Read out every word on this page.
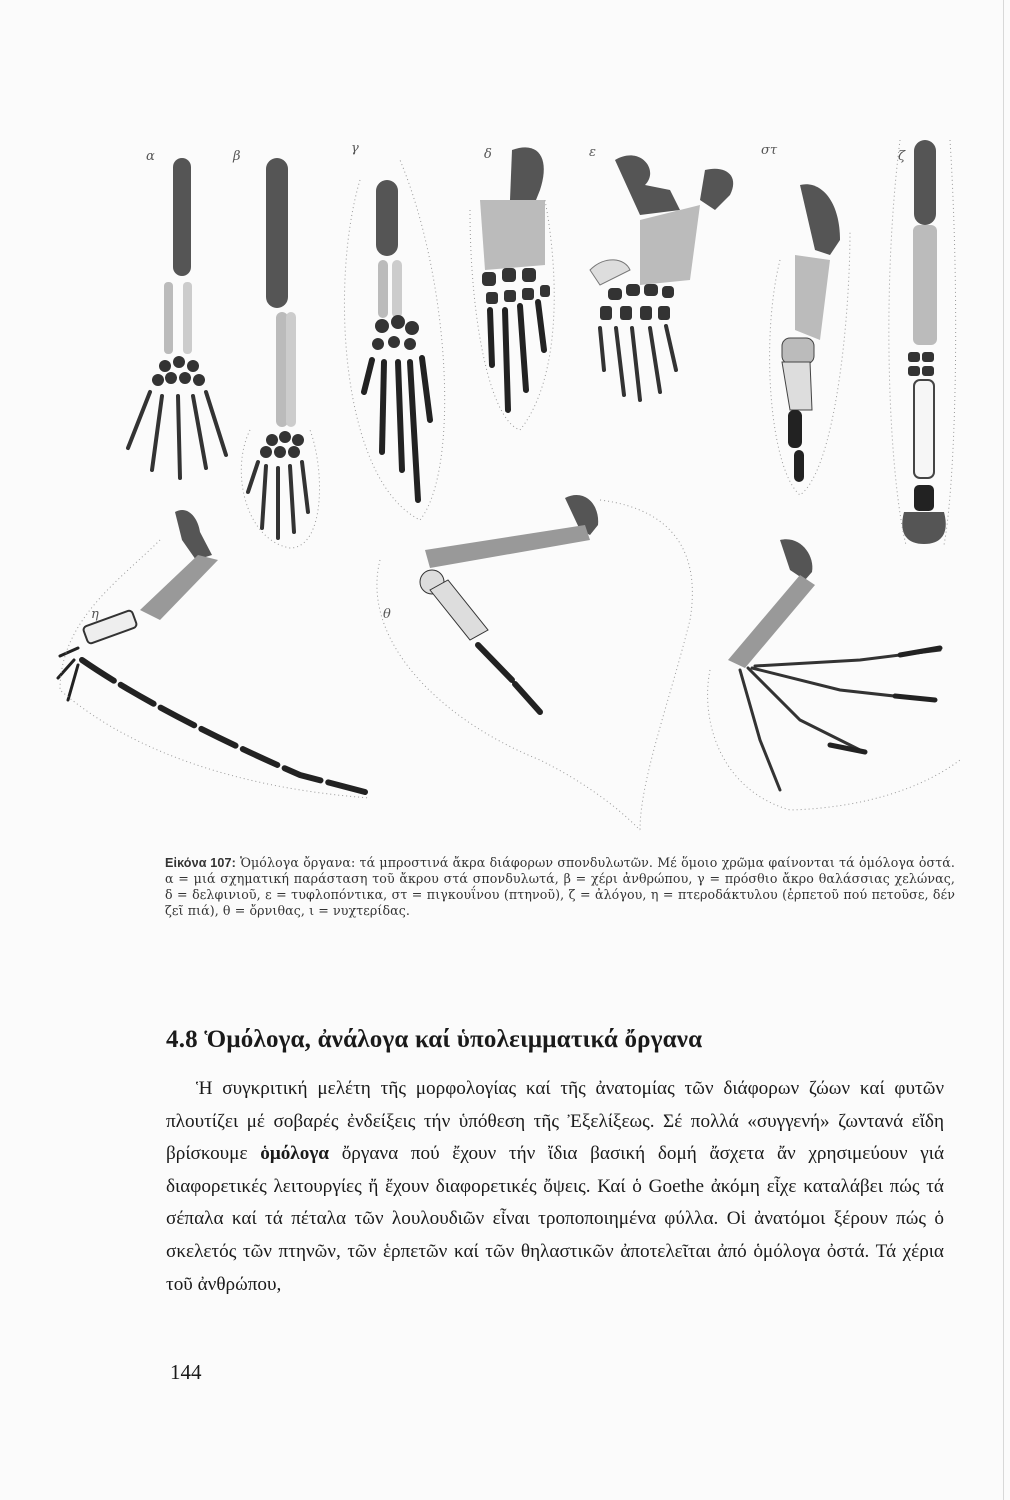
α	β
γ	δ	ε	στ	ζ
η	θ
Εἰκόνα 107: Ὁμόλογα ὄργανα: τά μπροστινά ἄκρα διάφορων σπονδυλωτῶν. Μέ ὅμοιο χρῶμα φαίνονται τά ὁμόλογα ὀστά. α = μιά σχηματική παράσταση τοῦ ἄκρου στά σπονδυλωτά, β = χέρι ἀνθρώπου, γ = πρόσθιο ἄκρο θαλάσσιας χελώνας, δ = δελφινιοῦ, ε = τυφλοπόντικα, στ = πιγκουΐνου (πτηνοῦ), ζ = ἀλόγου, η = πτεροδάκτυλου (ἑρπετοῦ πού πετοῦσε, δέν ζεῖ πιά), θ = ὄρνιθας, ι = νυχτερίδας.
4.8 Ὁμόλογα, ἀνάλογα καί ὑπολειμματικά ὄργανα
Ἡ συγκριτική μελέτη τῆς μορφολογίας καί τῆς ἀνατομίας τῶν διάφορων ζώων καί φυτῶν πλουτίζει μέ σοβαρές ἐνδείξεις τήν ὑπόθεση τῆς Ἐξελίξεως. Σέ πολλά «συγγενή» ζωντανά εἴδη βρίσκουμε ὁμόλογα ὄργανα πού ἔχουν τήν ἴδια βασική δομή ἄσχετα ἄν χρησιμεύουν γιά διαφορετικές λειτουργίες ἤ ἔχουν διαφορετικές ὄψεις. Καί ὁ Goethe ἀκόμη εἶχε καταλάβει πώς τά σέπαλα καί τά πέταλα τῶν λουλουδιῶν εἶναι τροποποιημένα φύλλα. Οἱ ἀνατόμοι ξέρουν πώς ὁ σκελετός τῶν πτηνῶν, τῶν ἑρπετῶν καί τῶν θηλαστικῶν ἀποτελεῖται ἀπό ὁμόλογα ὀστά. Τά χέρια τοῦ ἀνθρώπου,
144
